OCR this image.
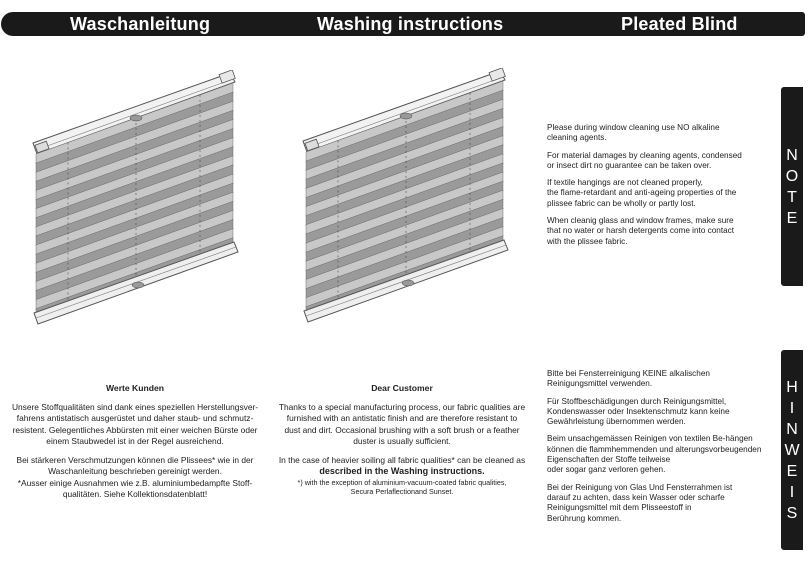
Waschanleitung	Washing instructions	Pleated Blind
N
O
T
E
H
I
N
W
E
I
S

Please during window cleaning use NO alkaline
cleaning agents.

For material damages by cleaning agents, condensed
or insect dirt no guarantee can be taken over.

If textile hangings are not cleaned properly,
the flame-retardant and anti-ageing properties of the
plissee fabric can be wholly or partly lost.

When cleanig glass and window frames, make sure
that no water or harsh detergents come into contact
with the plissee fabric.

Bitte bei Fensterreinigung KEINE alkalischen
Reinigungsmittel verwenden.

Für Stoffbeschädigungen durch Reinigungsmittel,
Kondenswasser oder Insektenschmutz kann keine
Gewährleistung übernommen werden.

Beim unsachgemässen Reinigen von textilen Be-hängen
können die flammhemmenden und alterungsvorbeugenden
Eigenschaften der Stoffe teilweise
oder sogar ganz verloren gehen.

Bei der Reinigung von Glas Und Fensterrahmen ist
darauf zu achten, dass kein Wasser oder scharfe
Reinigungsmittel mit dem Plisseestoff in
Berührung kommen.

Werte Kunden

Unsere Stoffqualitäten sind dank eines speziellen Herstellungsver-
fahrens antistatisch ausgerüstet und daher staub- und schmutz-
resistent. Gelegentliches Abbürsten mit einer weichen Bürste oder
einem Staubwedel ist in der Regel ausreichend.

Bei stärkeren Verschmutzungen können die Plissees* wie in der
Waschanleitung beschrieben gereinigt werden.
*Ausser einige Ausnahmen wie z.B. aluminiumbedampfte Stoff-
qualitäten. Siehe Kollektionsdatenblatt!

Dear Customer

Thanks to a special manufacturing process, our fabric qualities are
furnished with an antistatic finish and are therefore resistant to
dust and dirt. Occasional brushing with a soft brush or a feather
duster is usually sufficient.

In the case of heavier soiling all fabric qualities* can be cleaned as
described in the Washing instructions.
*) with the exception of aluminium-vacuum-coated fabric qualities,
Secura Perlaflectionand Sunset.
